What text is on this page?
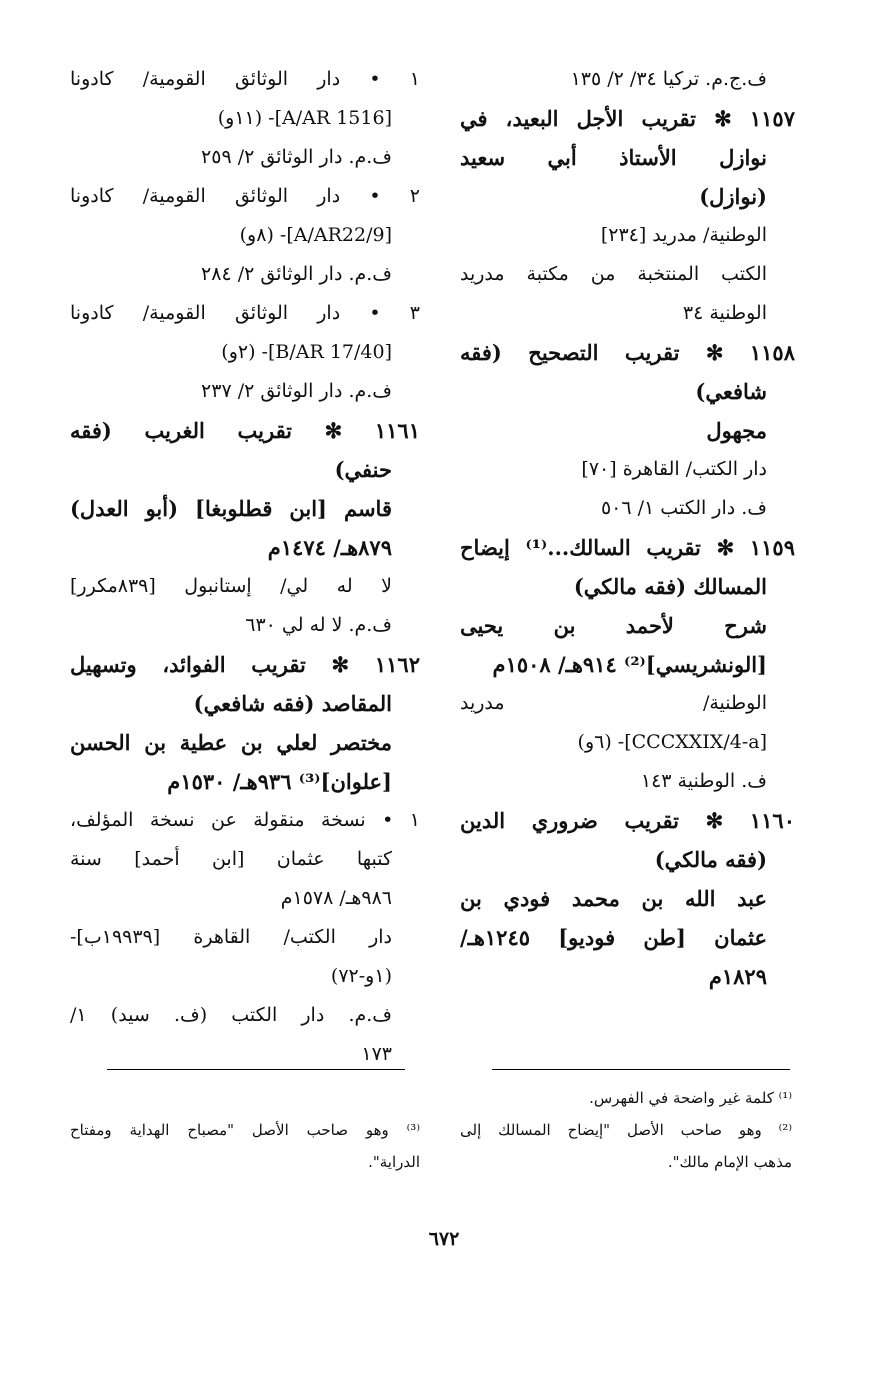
ف.ج.م. تركيا ٣٤/ ٢/ ١٣٥
١١٥٧ ✻ تقريب الأجل البعيد، في
نوازل الأستاذ أبي سعيد
(نوازل)
الوطنية/ مدريد [٢٣٤]
الكتب المنتخبة من مكتبة مدريد
الوطنية ٣٤
١١٥٨ ✻ تقريب التصحيح (فقه
شافعي)
مجهول
دار الكتب/ القاهرة [٧٠]
ف. دار الكتب ١/ ٥٠٦
١١٥٩ ✻ تقريب السالك...⁽¹⁾ إيضاح
المسالك (فقه مالكي)
شرح لأحمد بن يحيى
[الونشريسي]⁽²⁾ ٩١٤هـ/ ١٥٠٨م
الوطنية/ مدريد
[CCCXXIX/4-a]- (٦و)
ف. الوطنية ١٤٣
١١٦٠ ✻ تقريب ضروري الدين
(فقه مالكي)
عبد الله بن محمد فودي بن
عثمان [طن فوديو] ١٢٤٥هـ/
١٨٢٩م
١ • دار الوثائق القومية/ كادونا
[A/AR 1516]- (١١و)
ف.م. دار الوثائق ٢/ ٢٥٩
٢ • دار الوثائق القومية/ كادونا
[A/AR22/9]- (٨و)
ف.م. دار الوثائق ٢/ ٢٨٤
٣ • دار الوثائق القومية/ كادونا
[B/AR 17/40]- (٢و)
ف.م. دار الوثائق ٢/ ٢٣٧
١١٦١ ✻ تقريب الغريب (فقه
حنفي)
قاسم [ابن قطلوبغا] (أبو العدل)
٨٧٩هـ/ ١٤٧٤م
لا له لي/ إستانبول [٨٣٩مكرر]
ف.م. لا له لي ٦٣٠
١١٦٢ ✻ تقريب الفوائد، وتسهيل
المقاصد (فقه شافعي)
مختصر لعلي بن عطية بن الحسن
[علوان]⁽³⁾ ٩٣٦هـ/ ١٥٣٠م
١ • نسخة منقولة عن نسخة المؤلف،
كتبها عثمان [ابن أحمد] سنة
٩٨٦هـ/ ١٥٧٨م
دار الكتب/ القاهرة [١٩٩٣٩ب]-
(١و-٧٢)
ف.م. دار الكتب (ف. سيد) ١/
١٧٣
⁽¹⁾ كلمة غير واضحة في الفهرس.
⁽²⁾ وهو صاحب الأصل "إيضاح المسالك إلى
مذهب الإمام مالك".
⁽³⁾ وهو صاحب الأصل "مصباح الهداية ومفتاح
الدراية".
٦٧٢
